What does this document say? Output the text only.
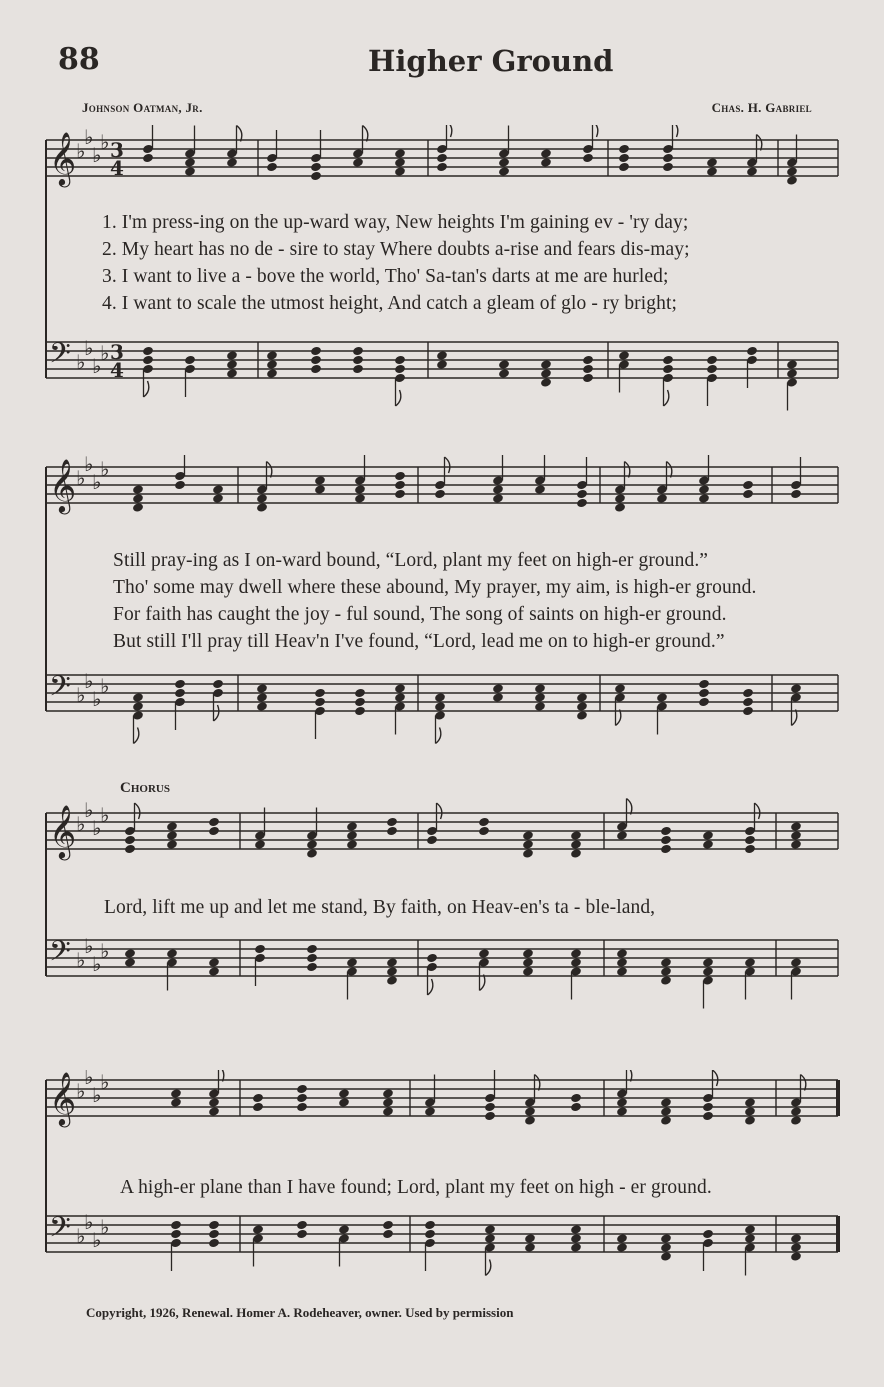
88	Higher Ground
Johnson Oatman, Jr.	Chas. H. Gabriel
𝄞 ♭
♭
♭
♭ 3
4
𝄢 ♭
♭
♭
♭ 3
4
𝄞 ♭
♭
♭
♭
𝄢 ♭
♭
♭
♭
𝄞 ♭
♭
♭
♭
𝄢 ♭
♭
♭
♭
𝄞 ♭
♭
♭
♭
𝄢 ♭
♭
♭
♭
1. I'm press-ing on the up-ward way, New heights I'm gaining ev - 'ry day;
2. My heart has no de - sire to stay Where doubts a-rise and fears dis-may;
3. I want to live a - bove the world, Tho' Sa-tan's darts at me are hurled;
4. I want to scale the utmost height, And catch a gleam of glo - ry bright;
Still pray-ing as I on-ward bound, “Lord, plant my feet on high-er ground.”
Tho' some may dwell where these abound, My prayer, my aim, is high-er ground.
For faith has caught the joy - ful sound, The song of saints on high-er ground.
But still I'll pray till Heav'n I've found, “Lord, lead me on to high-er ground.”
Chorus
Lord, lift me up and let me stand, By faith, on Heav-en's ta - ble-land,
A high-er plane than I have found; Lord, plant my feet on high - er ground.
Copyright, 1926, Renewal. Homer A. Rodeheaver, owner. Used by permission
